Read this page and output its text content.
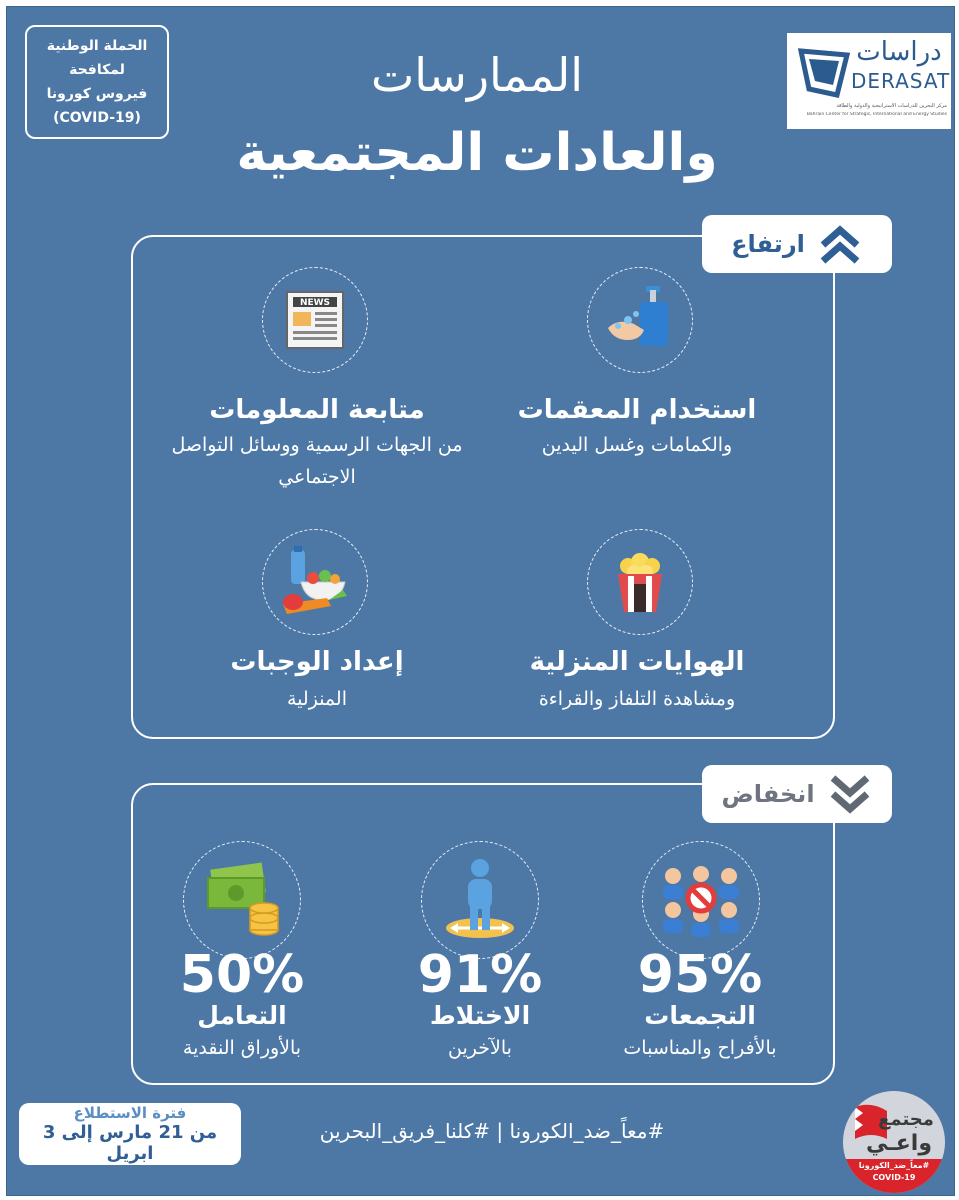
الحملة الوطنية
لمكافحة
فيروس كورونا
(COVID-19)
دراسات
DERASAT
مركز البحرين للدراسات الاستراتيجية والدولية والطاقة
Bahrain Center for Strategic, International and Energy Studies
الممارسات
والعادات المجتمعية
ارتفاع
استخدام المعقمات
والكمامات وغسل اليدين
NEWS
متابعة المعلومات
من الجهات الرسمية ووسائل التواصل الاجتماعي
الهوايات المنزلية
ومشاهدة التلفاز والقراءة
إعداد الوجبات
المنزلية
انخفاض
95%
التجمعات
بالأفراح والمناسبات
91%
الاختلاط
بالآخرين
50%
التعامل
بالأوراق النقدية
فترة الاستطلاع
من 21 مارس إلى 3 ابريل
#معاً_ضد_الكورونا | #كلنا_فريق_البحرين	مجتمع
واعـي
#معاً_ضد_الكورونا
COVID-19
